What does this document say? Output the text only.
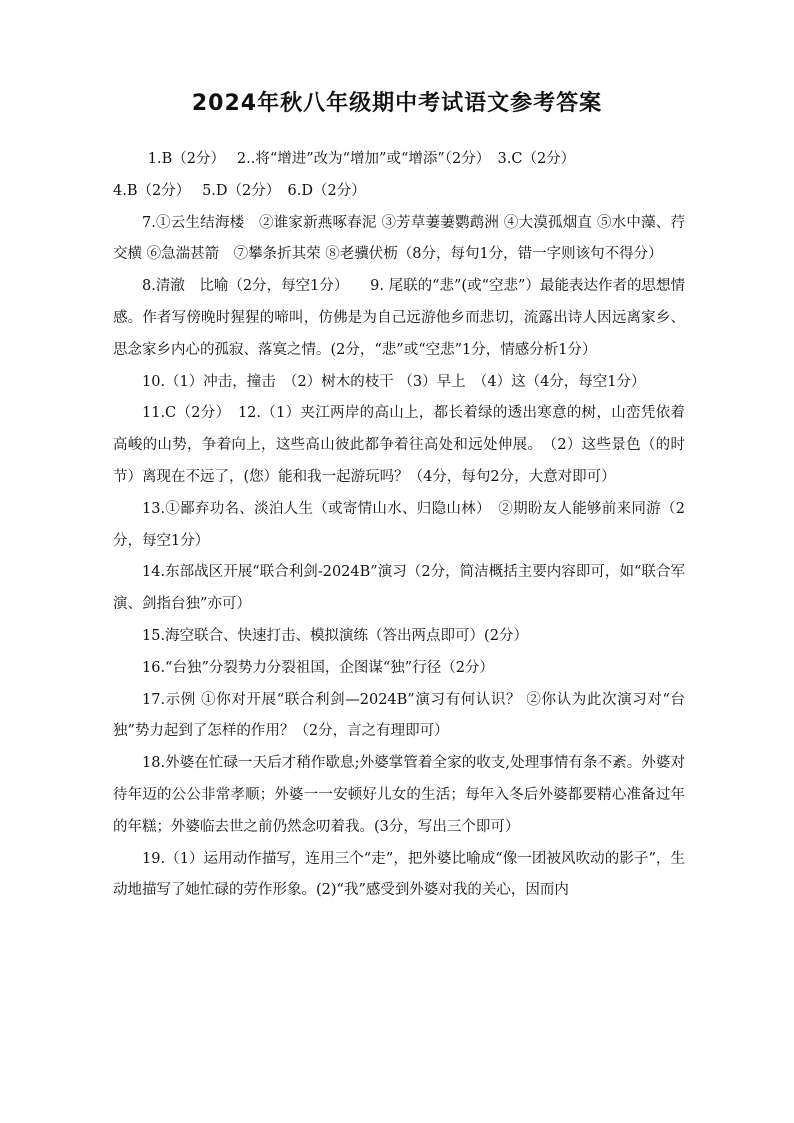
2024年秋八年级期中考试语文参考答案

1.B（2分）　 2..将“增进”改为“增加”或“增添”（2分）　3.C（2分）

4.B（2分）　 5.D（2分）　6.D（2分）

7.①云生结海楼　②谁家新燕啄春泥 ③芳草萋萋鹦鹉洲 ④大漠孤烟直 ⑤水中藻、荇交横 ⑥急湍甚箭　⑦攀条折其荣 ⑧老骥伏枥（8分，每句1分，错一字则该句不得分）

8.清澈　比喻（2分，每空1分）　　9. 尾联的“悲”(或“空悲”）最能表达作者的思想情感。作者写傍晚时猩猩的啼叫，仿佛是为自己远游他乡而悲切，流露出诗人因远离家乡、思念家乡内心的孤寂、落寞之情。(2分，“悲”或“空悲”1分，情感分析1分）

10.（1）冲击，撞击　（2）树木的枝干 （3）早上　（4）这（4分，每空1分）

11.C（2分）　12.（1）夹江两岸的高山上，都长着绿的透出寒意的树，山峦凭依着高峻的山势，争着向上，这些高山彼此都争着往高处和远处伸展。　（2）这些景色（的时节）离现在不远了，(您）能和我一起游玩吗？（4分，每句2分，大意对即可）

13.①鄙弃功名、淡泊人生（或寄情山水、归隐山林）　②期盼友人能够前来同游（2分，每空1分）

14.东部战区开展“联合利剑-2024B”演习（2分，简洁概括主要内容即可，如“联合军演、剑指台独”亦可）

15.海空联合、快速打击、模拟演练（答出两点即可）(2分）

16.“台独”分裂势力分裂祖国，企图谋“独”行径（2分）

17.示例 ①你对开展“联合利剑—2024B”演习有何认识？ ②你认为此次演习对“台独”势力起到了怎样的作用？（2分，言之有理即可）

18.外婆在忙碌一天后才稍作歇息;外婆掌管着全家的收支,处理事情有条不紊。外婆对待年迈的公公非常孝顺；外婆一一安顿好儿女的生活；每年入冬后外婆都要精心准备过年的年糕；外婆临去世之前仍然念叨着我。(3分，写出三个即可）

19.（1）运用动作描写，连用三个“走”，把外婆比喻成“像一团被风吹动的影子”，生动地描写了她忙碌的劳作形象。(2)“我”感受到外婆对我的关心，因而内
